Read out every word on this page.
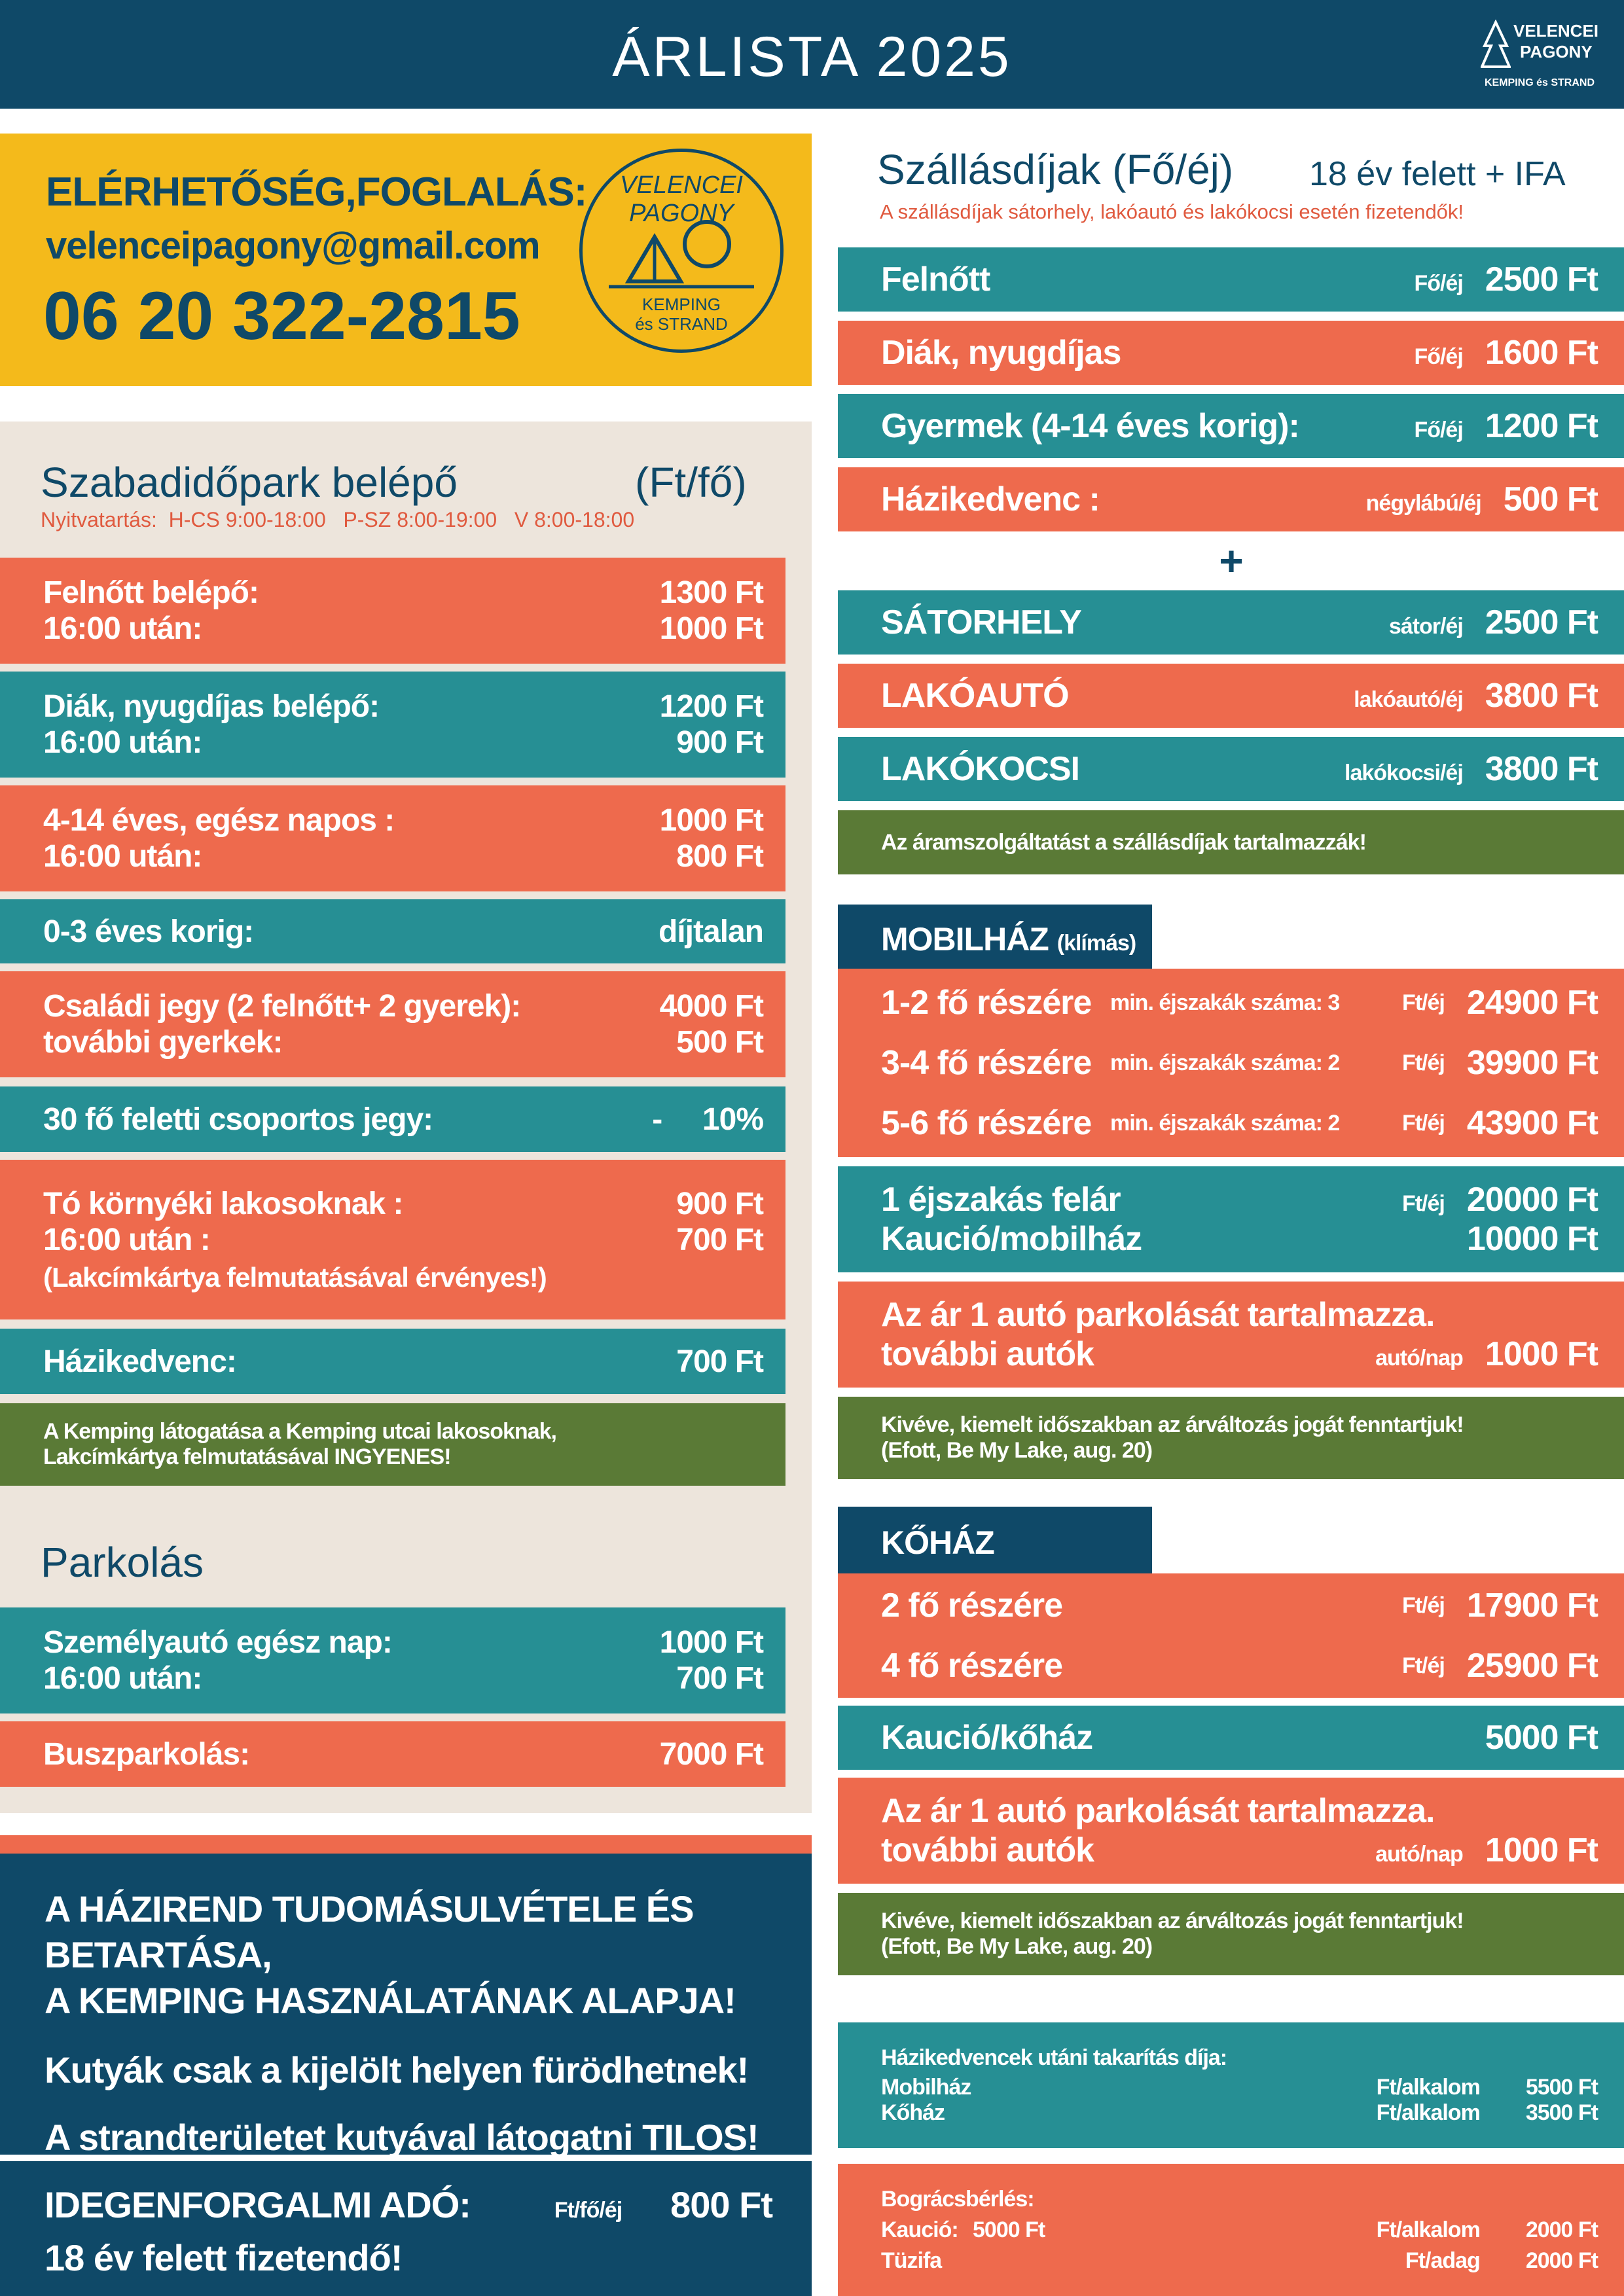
ÁRLISTA 2025	VELENCEI
PAGONY
KEMPING és STRAND
ELÉRHETŐSÉG,FOGLALÁS:
velenceipagony@gmail.com
06 20 322-2815
VELENCEI PAGONY
KEMPING
és STRAND
Szabadidőpark belépő	(Ft/fő)
Nyitvatartás:  H-CS 9:00-18:00   P-SZ 8:00-19:00   V 8:00-18:00
Felnőtt belépő:	1300 Ft
16:00 után:	1000 Ft
Diák, nyugdíjas belépő:	1200 Ft
16:00 után:	900 Ft
4-14 éves, egész napos :	1000 Ft
16:00 után:	800 Ft
0-3 éves korig:	díjtalan
Családi jegy (2 felnőtt+ 2 gyerek):	4000 Ft
további gyerkek:	500 Ft
30 fő feletti csoportos jegy:	-     10%
Tó környéki lakosoknak :	900 Ft
16:00 után :	700 Ft
(Lakcímkártya felmutatásával érvényes!)
Házikedvenc:	700 Ft
A Kemping látogatása a Kemping utcai lakosoknak,
Lakcímkártya felmutatásával INGYENES!
Parkolás
Személyautó egész nap:	1000 Ft
16:00 után:	700 Ft
Buszparkolás:	7000 Ft
A HÁZIREND TUDOMÁSULVÉTELE ÉS BETARTÁSA,
A KEMPING HASZNÁLATÁNAK ALAPJA!
Kutyák csak a kijelölt helyen fürödhetnek!
A strandterületet kutyával látogatni TILOS!
IDEGENFORGALMI ADÓ:	Ft/fő/éj	800 Ft
18 év felett fizetendő!
Szállásdíjak (Fő/éj) 18 év felett + IFA
A szállásdíjak sátorhely, lakóautó és lakókocsi esetén fizetendők!
Felnőtt	Fő/éj 2500 Ft
Diák, nyugdíjas	Fő/éj 1600 Ft
Gyermek (4-14 éves korig):	Fő/éj 1200 Ft
Házikedvenc :	négylábú/éj 500 Ft
+
SÁTORHELY	sátor/éj 2500 Ft
LAKÓAUTÓ	lakóautó/éj 3800 Ft
LAKÓKOCSI	lakókocsi/éj 3800 Ft
Az áramszolgáltatást a szállásdíjak tartalmazzák!
MOBILHÁZ (klímás)
1-2 fő részére min. éjszakák száma: 3	Ft/éj 24900 Ft
3-4 fő részére min. éjszakák száma: 2	Ft/éj 39900 Ft
5-6 fő részére min. éjszakák száma: 2	Ft/éj 43900 Ft
1 éjszakás felár	Ft/éj 20000 Ft
Kaució/mobilház	10000 Ft
Az ár 1 autó parkolását tartalmazza.
további autók	autó/nap 1000 Ft
Kivéve, kiemelt időszakban az árváltozás jogát fenntartjuk!
(Efott, Be My Lake, aug. 20)
KŐHÁZ
2 fő részére	Ft/éj 17900 Ft
4 fő részére	Ft/éj 25900 Ft
Kaució/kőház	5000 Ft
Az ár 1 autó parkolását tartalmazza.
további autók	autó/nap 1000 Ft
Kivéve, kiemelt időszakban az árváltozás jogát fenntartjuk!
(Efott, Be My Lake, aug. 20)
Házikedvencek utáni takarítás díja:
Mobilház	Ft/alkalom 5500 Ft
Kőház	Ft/alkalom 3500 Ft
Bográcsbérlés:
Kaució: 5000 Ft	Ft/alkalom 2000 Ft
Tüzifa	Ft/adag 2000 Ft
